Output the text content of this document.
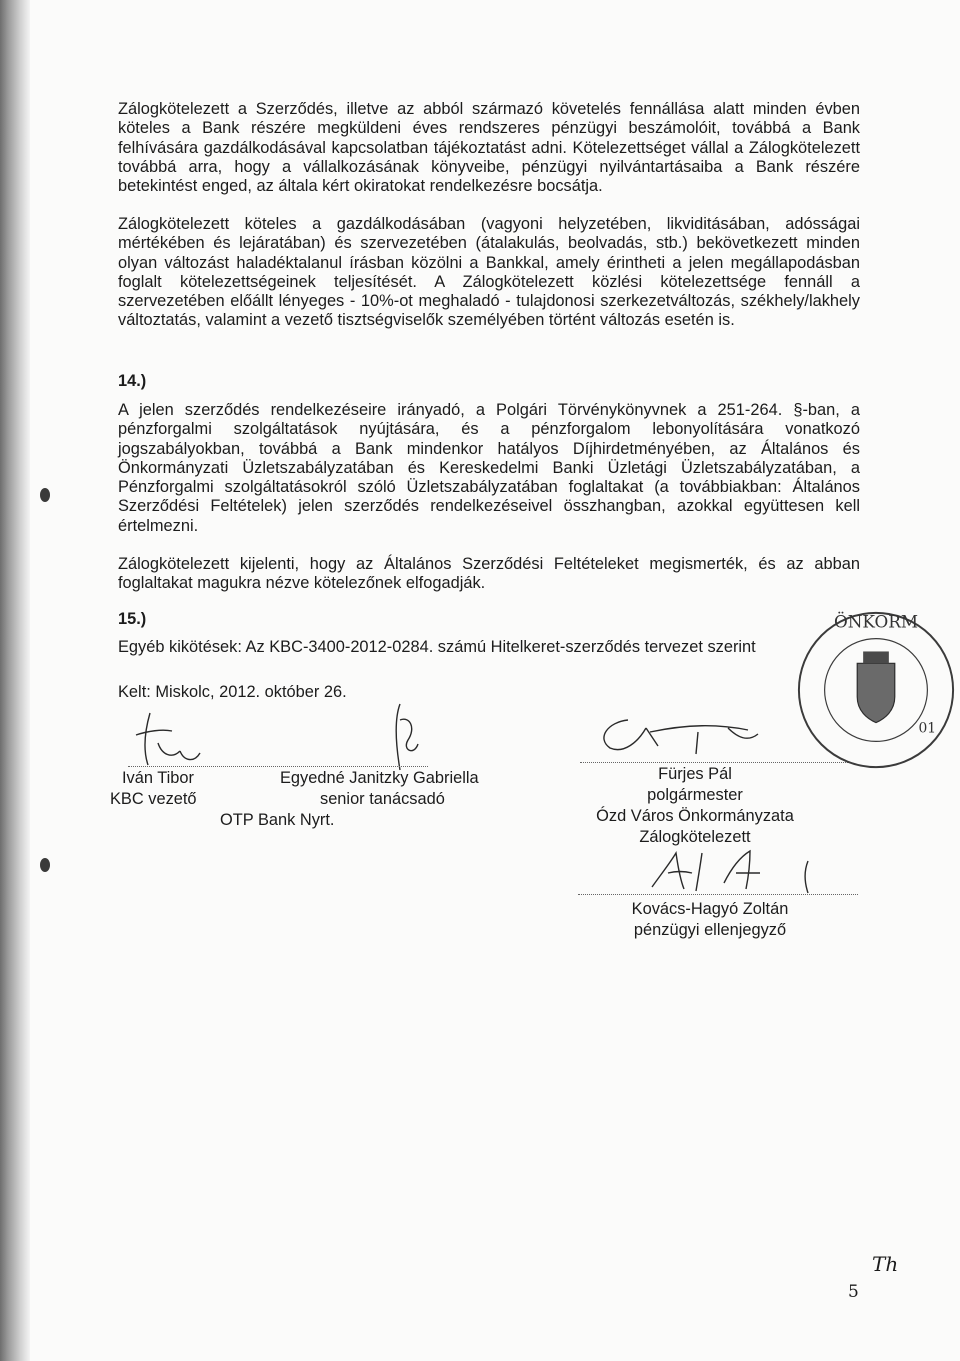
Zálogkötelezett a Szerződés, illetve az abból származó követelés fennállása alatt minden évben köteles a Bank részére megküldeni éves rendszeres pénzügyi beszámolóit, továbbá a Bank felhívására gazdálkodásával kapcsolatban tájékoztatást adni. Kötelezettséget vállal a Zálogkötelezett továbbá arra, hogy a vállalkozásának könyveibe, pénzügyi nyilvántartásaiba a Bank részére betekintést enged, az általa kért okiratokat rendelkezésre bocsátja.

Zálogkötelezett köteles a gazdálkodásában (vagyoni helyzetében, likviditásában, adósságai mértékében és lejáratában) és szervezetében (átalakulás, beolvadás, stb.) bekövetkezett minden olyan változást haladéktalanul írásban közölni a Bankkal, amely érintheti a jelen megállapodásban foglalt kötelezettségeinek teljesítését. A Zálogkötelezett közlési kötelezettsége fennáll a szervezetében előállt lényeges - 10%-ot meghaladó - tulajdonosi szerkezetváltozás, székhely/lakhely változtatás, valamint a vezető tisztségviselők személyében történt változás esetén is.

14.)

A jelen szerződés rendelkezéseire irányadó, a Polgári Törvénykönyvnek a 251-264. §-ban, a pénzforgalmi szolgáltatások nyújtására, és a pénzforgalom lebonyolítására vonatkozó jogszabályokban, továbbá a Bank mindenkor hatályos Díjhirdetményében, az Általános és Önkormányzati Üzletszabályzatában és Kereskedelmi Banki Üzletági Üzletszabályzatában, a Pénzforgalmi szolgáltatásokról szóló Üzletszabályzatában foglaltakat (a továbbiakban: Általános Szerződési Feltételek) jelen szerződés rendelkezéseivel összhangban, azokkal együttesen kell értelmezni.

Zálogkötelezett kijelenti, hogy az Általános Szerződési Feltételeket megismerték, és az abban foglaltakat magukra nézve kötelezőnek elfogadják.

15.)

Egyéb kikötések: Az KBC-3400-2012-0284. számú Hitelkeret-szerződés tervezet szerint

Kelt: Miskolc, 2012. október 26.
Iván Tibor
KBC vezető
Egyedné Janitzky Gabriella
senior tanácsadó
OTP Bank Nyrt.
Fürjes Pál
polgármester
Ózd Város Önkormányzata
Zálogkötelezett
Kovács-Hagyó Zoltán
pénzügyi ellenjegyző
ÖNKORM
01
Th
5
